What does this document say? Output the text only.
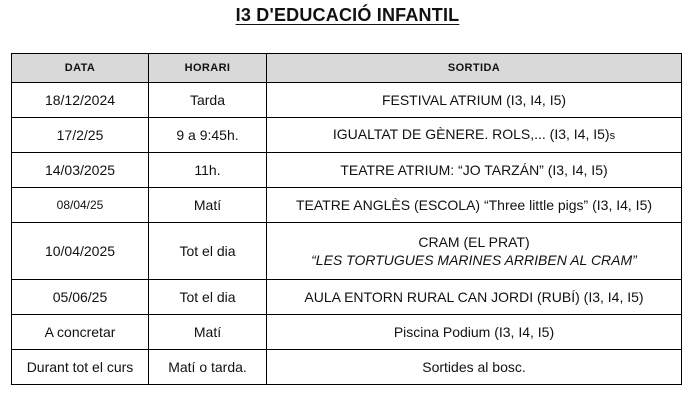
I3 D'EDUCACIÓ INFANTIL
DATA	HORARI	SORTIDA
18/12/2024	Tarda	FESTIVAL ATRIUM (I3, I4, I5)
17/2/25	9 a 9:45h.	IGUALTAT DE GÈNERE. ROLS,... (I3, I4, I5)s
14/03/2025	11h.	TEATRE ATRIUM: “JO TARZÁN” (I3, I4, I5)
08/04/25	Matí	TEATRE ANGLÈS (ESCOLA) “Three little pigs” (I3, I4, I5)
10/04/2025	Tot el dia	CRAM (EL PRAT)
“LES TORTUGUES MARINES ARRIBEN AL CRAM”

05/06/25	Tot el dia	AULA ENTORN RURAL CAN JORDI (RUBÍ) (I3, I4, I5)
A concretar	Matí	Piscina Podium (I3, I4, I5)
Durant tot el curs	Matí o tarda.	Sortides al bosc.
